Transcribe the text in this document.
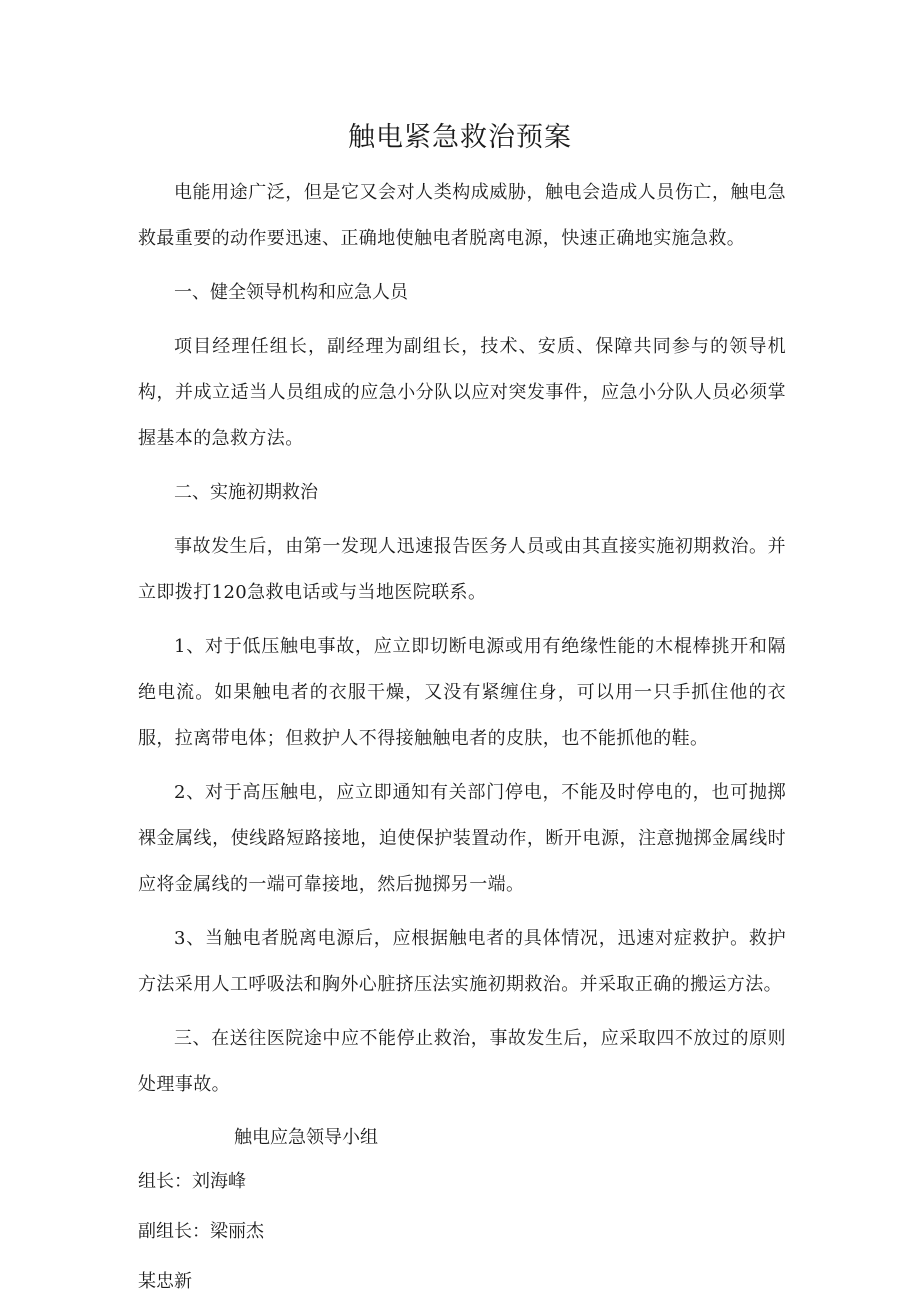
触电紧急救治预案

电能用途广泛，但是它又会对人类构成威胁，触电会造成人员伤亡，触电急救最重要的动作要迅速、正确地使触电者脱离电源，快速正确地实施急救。

一、健全领导机构和应急人员

项目经理任组长，副经理为副组长，技术、安质、保障共同参与的领导机构，并成立适当人员组成的应急小分队以应对突发事件，应急小分队人员必须掌握基本的急救方法。

二、实施初期救治

事故发生后，由第一发现人迅速报告医务人员或由其直接实施初期救治。并立即拨打120急救电话或与当地医院联系。

1、对于低压触电事故，应立即切断电源或用有绝缘性能的木棍棒挑开和隔绝电流。如果触电者的衣服干燥，又没有紧缠住身，可以用一只手抓住他的衣服，拉离带电体；但救护人不得接触触电者的皮肤，也不能抓他的鞋。

2、对于高压触电，应立即通知有关部门停电，不能及时停电的，也可抛掷裸金属线，使线路短路接地，迫使保护装置动作，断开电源，注意抛掷金属线时应将金属线的一端可靠接地，然后抛掷另一端。

3、当触电者脱离电源后，应根据触电者的具体情况，迅速对症救护。救护方法采用人工呼吸法和胸外心脏挤压法实施初期救治。并采取正确的搬运方法。

三、在送往医院途中应不能停止救治，事故发生后，应采取四不放过的原则处理事故。

触电应急领导小组

组长：刘海峰

副组长：梁丽杰

某忠新
